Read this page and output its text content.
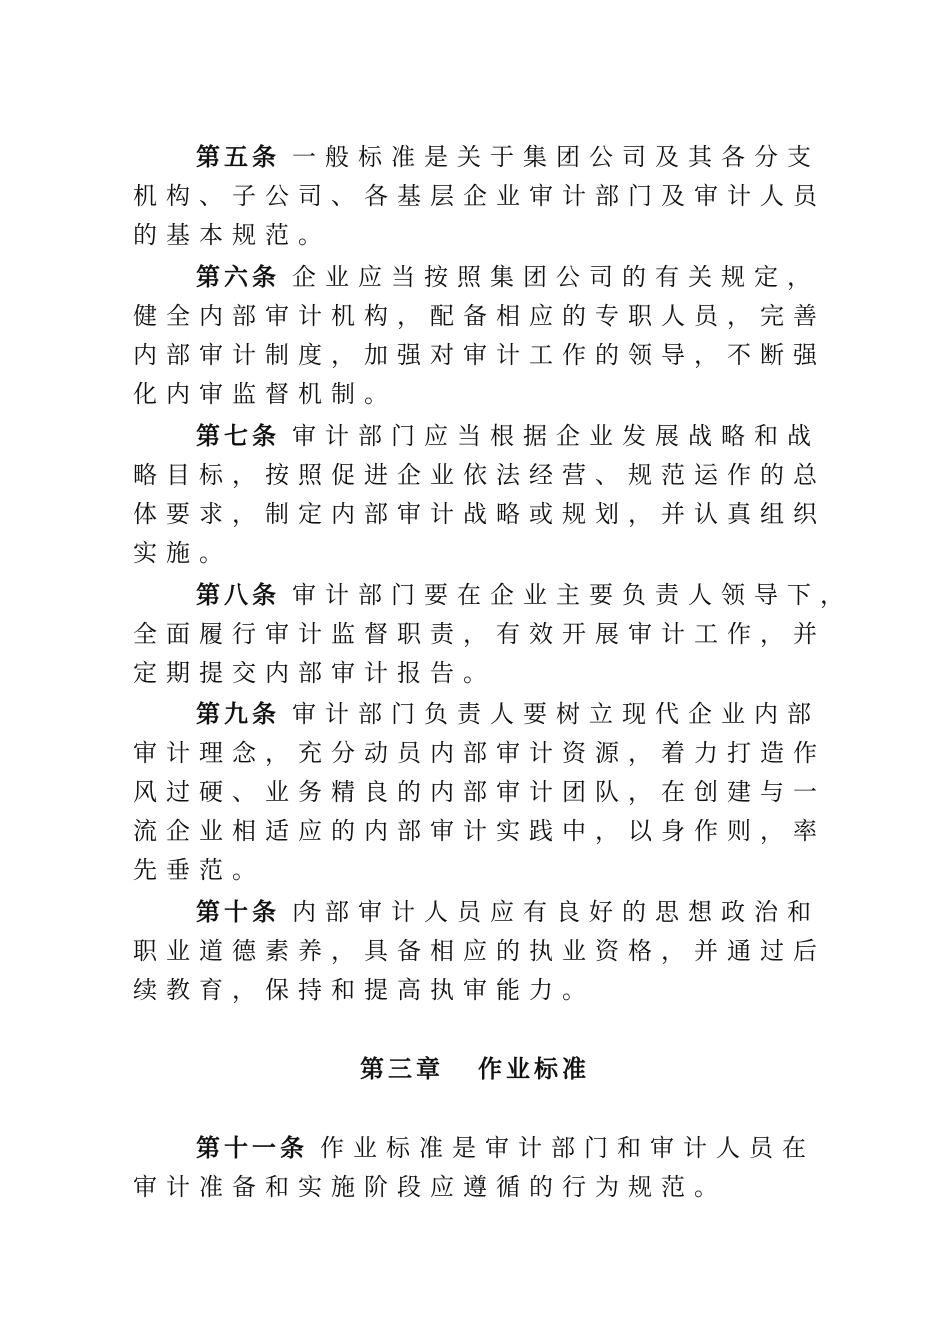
第五条 一般标准是关于集团公司及其各分支
机构、子公司、各基层企业审计部门及审计人员
的基本规范。
第六条 企业应当按照集团公司的有关规定，
健全内部审计机构，配备相应的专职人员，完善
内部审计制度，加强对审计工作的领导，不断强
化内审监督机制。
第七条 审计部门应当根据企业发展战略和战
略目标，按照促进企业依法经营、规范运作的总
体要求，制定内部审计战略或规划，并认真组织
实施。
第八条 审计部门要在企业主要负责人领导下，
全面履行审计监督职责，有效开展审计工作，并
定期提交内部审计报告。
第九条 审计部门负责人要树立现代企业内部
审计理念，充分动员内部审计资源，着力打造作
风过硬、业务精良的内部审计团队，在创建与一
流企业相适应的内部审计实践中，以身作则，率
先垂范。
第十条 内部审计人员应有良好的思想政治和
职业道德素养，具备相应的执业资格，并通过后
续教育，保持和提高执审能力。
第三章 作业标准
第十一条 作业标准是审计部门和审计人员在
审计准备和实施阶段应遵循的行为规范。
